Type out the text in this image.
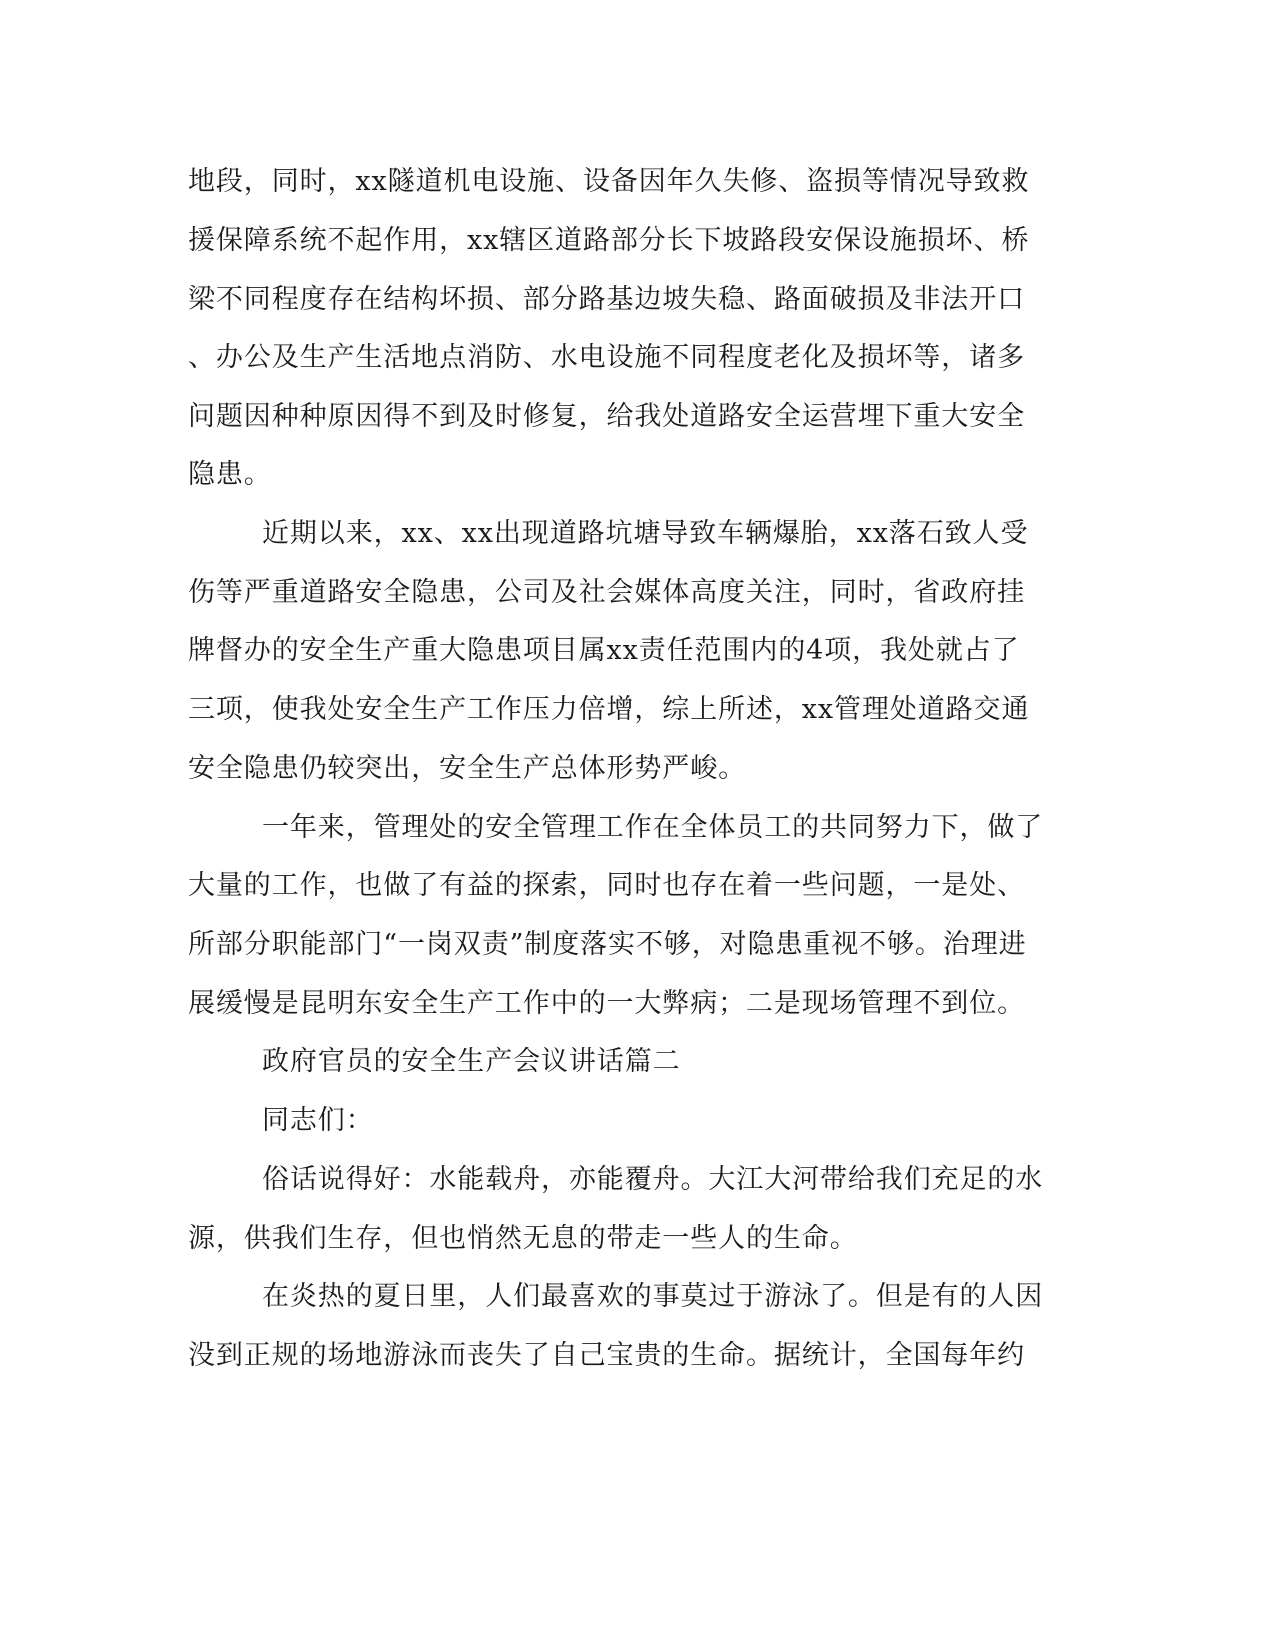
地段，同时，xx隧道机电设施、设备因年久失修、盗损等情况导致救
援保障系统不起作用，xx辖区道路部分长下坡路段安保设施损坏、桥
梁不同程度存在结构坏损、部分路基边坡失稳、路面破损及非法开口
、办公及生产生活地点消防、水电设施不同程度老化及损坏等，诸多
问题因种种原因得不到及时修复，给我处道路安全运营埋下重大安全
隐患。
近期以来，xx、xx出现道路坑塘导致车辆爆胎，xx落石致人受
伤等严重道路安全隐患，公司及社会媒体高度关注，同时，省政府挂
牌督办的安全生产重大隐患项目属xx责任范围内的4项，我处就占了
三项，使我处安全生产工作压力倍增，综上所述，xx管理处道路交通
安全隐患仍较突出，安全生产总体形势严峻。
一年来，管理处的安全管理工作在全体员工的共同努力下，做了
大量的工作，也做了有益的探索，同时也存在着一些问题，一是处、
所部分职能部门“一岗双责”制度落实不够，对隐患重视不够。治理进
展缓慢是昆明东安全生产工作中的一大弊病；二是现场管理不到位。
政府官员的安全生产会议讲话篇二
同志们：
俗话说得好：水能载舟，亦能覆舟。大江大河带给我们充足的水
源，供我们生存，但也悄然无息的带走一些人的生命。
在炎热的夏日里，人们最喜欢的事莫过于游泳了。但是有的人因
没到正规的场地游泳而丧失了自己宝贵的生命。据统计，全国每年约
